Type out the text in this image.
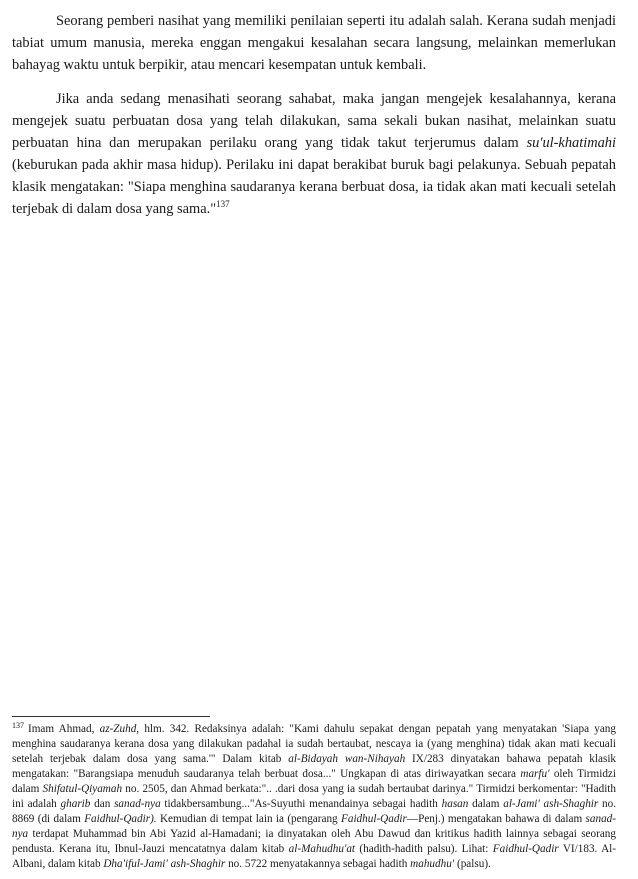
Seorang pemberi nasihat yang memiliki penilaian seperti itu adalah salah. Kerana sudah menjadi tabiat umum manusia, mereka enggan mengakui kesalahan secara langsung, melainkan memerlukan bahayag waktu untuk berpikir, atau mencari kesempatan untuk kembali.

Jika anda sedang menasihati seorang sahabat, maka jangan mengejek kesalahannya, kerana mengejek suatu perbuatan dosa yang telah dilakukan, sama sekali bukan nasihat, melainkan suatu perbuatan hina dan merupakan perilaku orang yang tidak takut terjerumus dalam su'ul-khatimahi (keburukan pada akhir masa hidup). Perilaku ini dapat berakibat buruk bagi pelakunya. Sebuah pepatah klasik mengatakan: "Siapa menghina saudaranya kerana berbuat dosa, ia tidak akan mati kecuali setelah terjebak di dalam dosa yang sama."$^{137}$

$^{137}$ Imam Ahmad, az-Zuhd, hlm. 342. Redaksinya adalah: "Kami dahulu sepakat dengan pepatah yang menyatakan 'Siapa yang menghina saudaranya kerana dosa yang dilakukan padahal ia sudah bertaubat, nescaya ia (yang menghina) tidak akan mati kecuali setelah terjebak dalam dosa yang sama.'" Dalam kitab al-Bidayah wan-Nihayah IX/283 dinyatakan bahawa pepatah klasik mengatakan: "Barangsiapa menuduh saudaranya telah berbuat dosa..." Ungkapan di atas diriwayatkan secara marfu' oleh Tirmidzi dalam Shifatul-Qiyamah no. 2505, dan Ahmad berkata:".. .dari dosa yang ia sudah bertaubat darinya." Tirmidzi berkomentar: "Hadith ini adalah gharib dan sanad-nya tidakbersambung..."As-Suyuthi menandainya sebagai hadith hasan dalam al-Jami' ash-Shaghir no. 8869 (di dalam Faidhul-Qadir). Kemudian di tempat lain ia (pengarang Faidhul-Qadir—Penj.) mengatakan bahawa di dalam sanad-nya terdapat Muhammad bin Abi Yazid al-Hamadani; ia dinyatakan oleh Abu Dawud dan kritikus hadith lainnya sebagai seorang pendusta. Kerana itu, Ibnul-Jauzi mencatatnya dalam kitab al-Mahudhu'at (hadith-hadith palsu). Lihat: Faidhul-Qadir VI/183. Al-Albani, dalam kitab Dha'iful-Jami' ash-Shaghir no. 5722 menyatakannya sebagai hadith mahudhu' (palsu).
